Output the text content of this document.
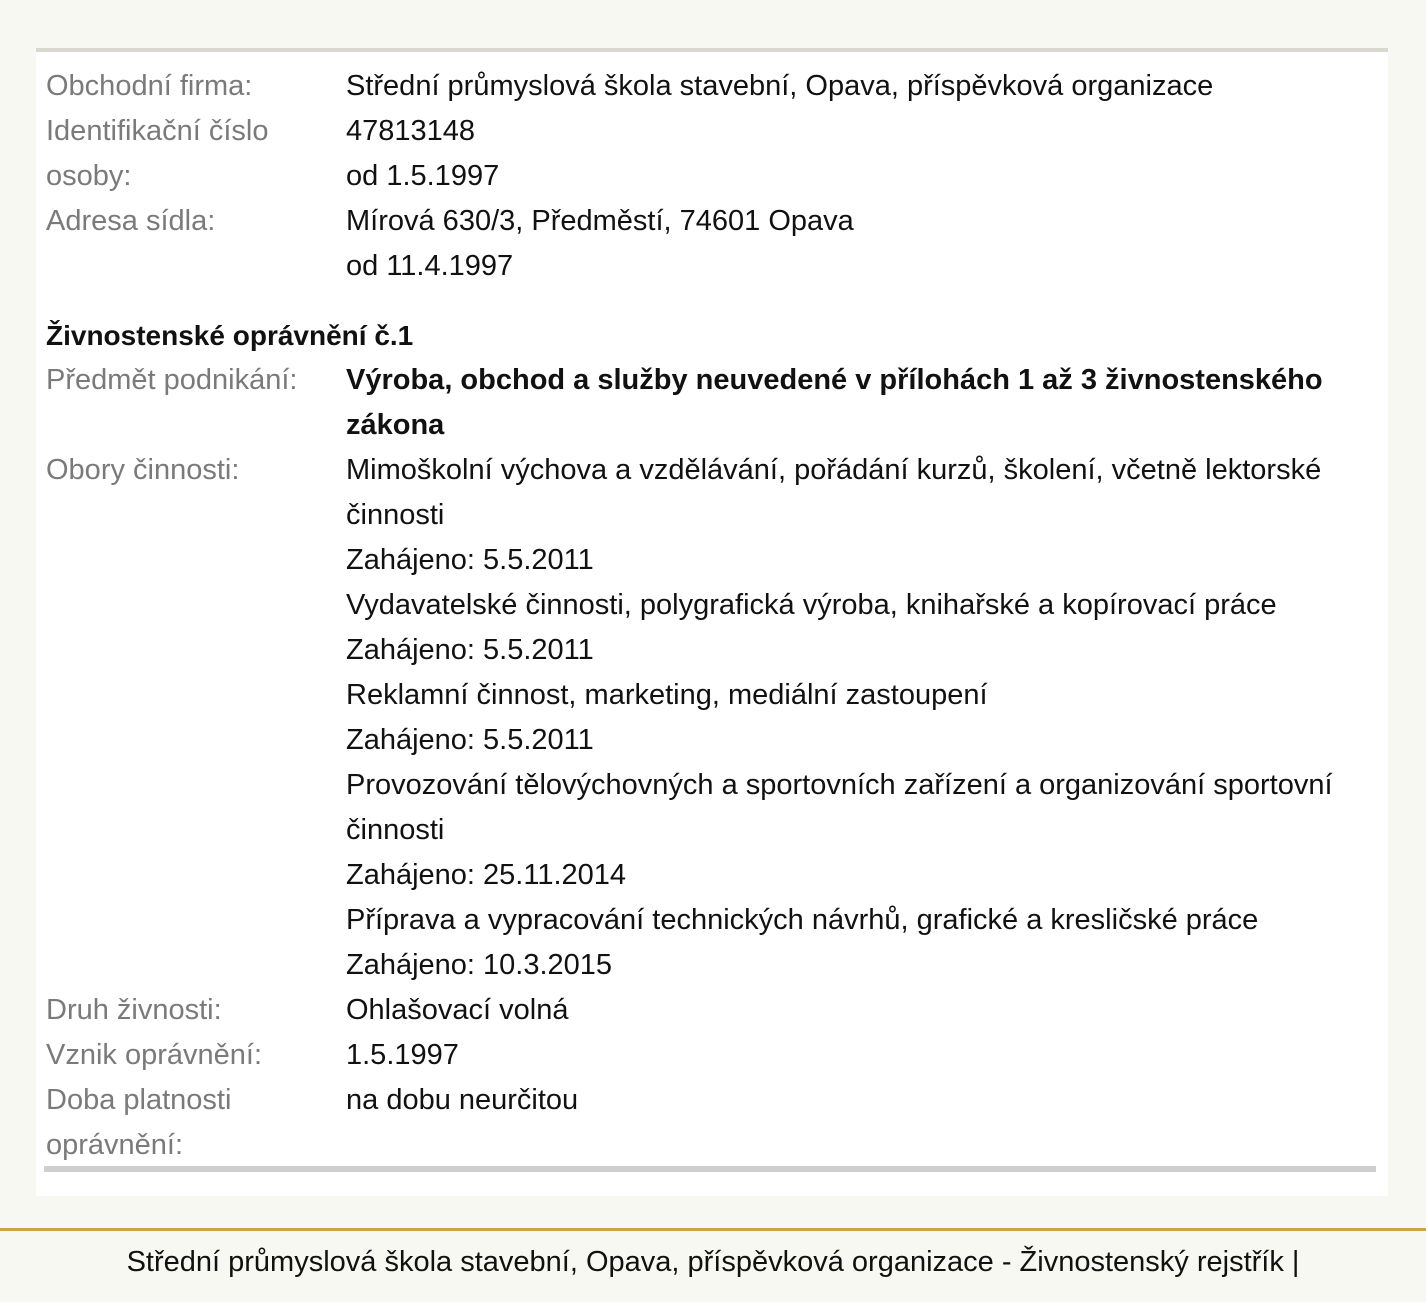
Obchodní firma:	Střední průmyslová škola stavební, Opava, příspěvková organizace
Identifikační číslo osoby:
47813148
od 1.5.1997
Adresa sídla:	Mírová 630/3, Předměstí, 74601 Opava
od 11.4.1997
Živnostenské oprávnění č.1
Předmět podnikání:	Výroba, obchod a služby neuvedené v přílohách 1 až 3 živnostenského zákona
Obory činnosti:	Mimoškolní výchova a vzdělávání, pořádání kurzů, školení, včetně lektorské činnosti
Zahájeno: 5.5.2011
Vydavatelské činnosti, polygrafická výroba, knihařské a kopírovací práce
Zahájeno: 5.5.2011
Reklamní činnost, marketing, mediální zastoupení
Zahájeno: 5.5.2011
Provozování tělovýchovných a sportovních zařízení a organizování sportovní činnosti
Zahájeno: 25.11.2014
Příprava a vypracování technických návrhů, grafické a kresličské práce
Zahájeno: 10.3.2015
Druh živnosti:	Ohlašovací volná
Vznik oprávnění:	1.5.1997
Doba platnosti oprávnění:
na dobu neurčitou

Střední průmyslová škola stavební, Opava, příspěvková organizace - Živnostenský rejstřík |
